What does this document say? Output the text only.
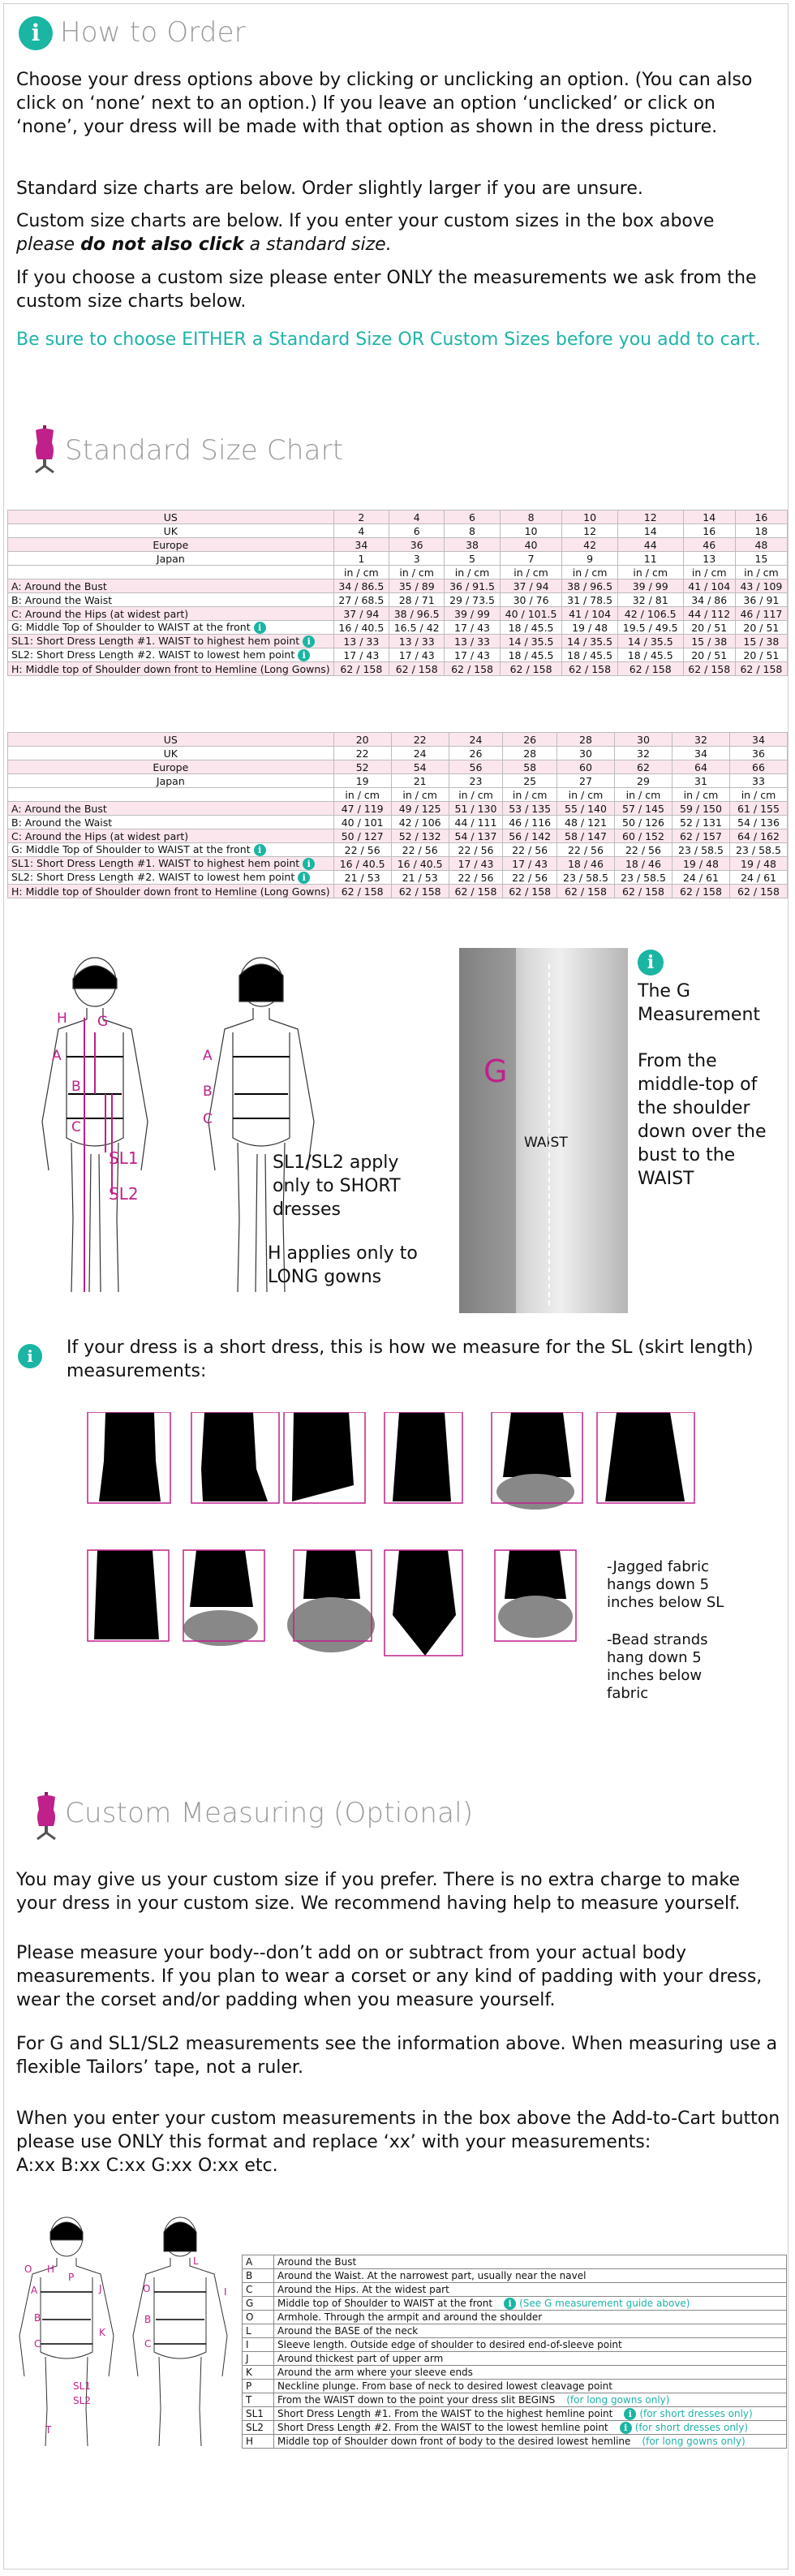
i How to Order
Choose your dress options above by clicking or unclicking an option. (You can also click on ‘none’ next to an option.) If you leave an option ‘unclicked’ or click on ‘none’, your dress will be made with that option as shown in the dress picture.
Standard size charts are below. Order slightly larger if you are unsure.
Custom size charts are below. If you enter your custom sizes in the box above
please do not also click a standard size.
If you choose a custom size please enter ONLY the measurements we ask from the custom size charts below.
Be sure to choose EITHER a Standard Size OR Custom Sizes before you add to cart.
Standard Size Chart
US	2	4	6	8	10	12	14	16
UK	4	6	8	10	12	14	16	18
Europe	34	36	38	40	42	44	46	48
Japan	1	3	5	7	9	11	13	15
	in / cm	in / cm	in / cm	in / cm	in / cm	in / cm	in / cm	in / cm
A: Around the Bust	34 / 86.5	35 / 89	36 / 91.5	37 / 94	38 / 96.5	39 / 99	41 / 104	43 / 109
B: Around the Waist	27 / 68.5	28 / 71	29 / 73.5	30 / 76	31 / 78.5	32 / 81	34 / 86	36 / 91
C: Around the Hips (at widest part)	37 / 94	38 / 96.5	39 / 99	40 / 101.5	41 / 104	42 / 106.5	44 / 112	46 / 117
G: Middle Top of Shoulder to WAIST at the front i	16 / 40.5	16.5 / 42	17 / 43	18 / 45.5	19 / 48	19.5 / 49.5	20 / 51	20 / 51
SL1: Short Dress Length #1. WAIST to highest hem point i	13 / 33	13 / 33	13 / 33	14 / 35.5	14 / 35.5	14 / 35.5	15 / 38	15 / 38
SL2: Short Dress Length #2. WAIST to lowest hem point i	17 / 43	17 / 43	17 / 43	18 / 45.5	18 / 45.5	18 / 45.5	20 / 51	20 / 51
H: Middle top of Shoulder down front to Hemline (Long Gowns)	62 / 158	62 / 158	62 / 158	62 / 158	62 / 158	62 / 158	62 / 158	62 / 158
US	20	22	24	26	28	30	32	34
UK	22	24	26	28	30	32	34	36
Europe	52	54	56	58	60	62	64	66
Japan	19	21	23	25	27	29	31	33
	in / cm	in / cm	in / cm	in / cm	in / cm	in / cm	in / cm	in / cm
A: Around the Bust	47 / 119	49 / 125	51 / 130	53 / 135	55 / 140	57 / 145	59 / 150	61 / 155
B: Around the Waist	40 / 101	42 / 106	44 / 111	46 / 116	48 / 121	50 / 126	52 / 131	54 / 136
C: Around the Hips (at widest part)	50 / 127	52 / 132	54 / 137	56 / 142	58 / 147	60 / 152	62 / 157	64 / 162
G: Middle Top of Shoulder to WAIST at the front i	22 / 56	22 / 56	22 / 56	22 / 56	22 / 56	22 / 56	23 / 58.5	23 / 58.5
SL1: Short Dress Length #1. WAIST to highest hem point i	16 / 40.5	16 / 40.5	17 / 43	17 / 43	18 / 46	18 / 46	19 / 48	19 / 48
SL2: Short Dress Length #2. WAIST to lowest hem point i	21 / 53	21 / 53	22 / 56	22 / 56	23 / 58.5	23 / 58.5	24 / 61	24 / 61
H: Middle top of Shoulder down front to Hemline (Long Gowns)	62 / 158	62 / 158	62 / 158	62 / 158	62 / 158	62 / 158	62 / 158	62 / 158
H G
A
B
C
SL1
SL2
A
B
C
SL1/SL2 apply only to SHORT dresses
H applies only to LONG gowns
G
WAIST
i
The G Measurement
From the middle-top of the shoulder down over the bust to the WAIST
i	If your dress is a short dress, this is how we measure for the SL (skirt length) measurements:
-Jagged fabric hangs down 5 inches below SL
-Bead strands hang down 5 inches below fabric
Custom Measuring (Optional)
You may give us your custom size if you prefer. There is no extra charge to make your dress in your custom size. We recommend having help to measure yourself.
Please measure your body--don’t add on or subtract from your actual body measurements. If you plan to wear a corset or any kind of padding with your dress, wear the corset and/or padding when you measure yourself.
For G and SL1/SL2 measurements see the information above. When measuring use a flexible Tailors’ tape, not a ruler.
When you enter your custom measurements in the box above the Add-to-Cart button please use ONLY this format and replace ‘xx’ with your measurements:
A:xx B:xx C:xx G:xx O:xx etc.
O H
P
A	J
B
C
K
SL1
SL2
T
L
O	I
B
C
A	Around the Bust
B	Around the Waist. At the narrowest part, usually near the navel
C	Around the Hips. At the widest part
G	Middle top of Shoulder to WAIST at the front i (See G measurement guide above)
O	Armhole. Through the armpit and around the shoulder
L	Around the BASE of the neck
I	Sleeve length. Outside edge of shoulder to desired end-of-sleeve point
J	Around thickest part of upper arm
K	Around the arm where your sleeve ends
P	Neckline plunge. From base of neck to desired lowest cleavage point
T	From the WAIST down to the point your dress slit BEGINS (for long gowns only)
SL1	Short Dress Length #1. From the WAIST to the highest hemline point i (for short dresses only)
SL2	Short Dress Length #2. From the WAIST to the lowest hemline point i (for short dresses only)
H	Middle top of Shoulder down front of body to the desired lowest hemline (for long gowns only)
